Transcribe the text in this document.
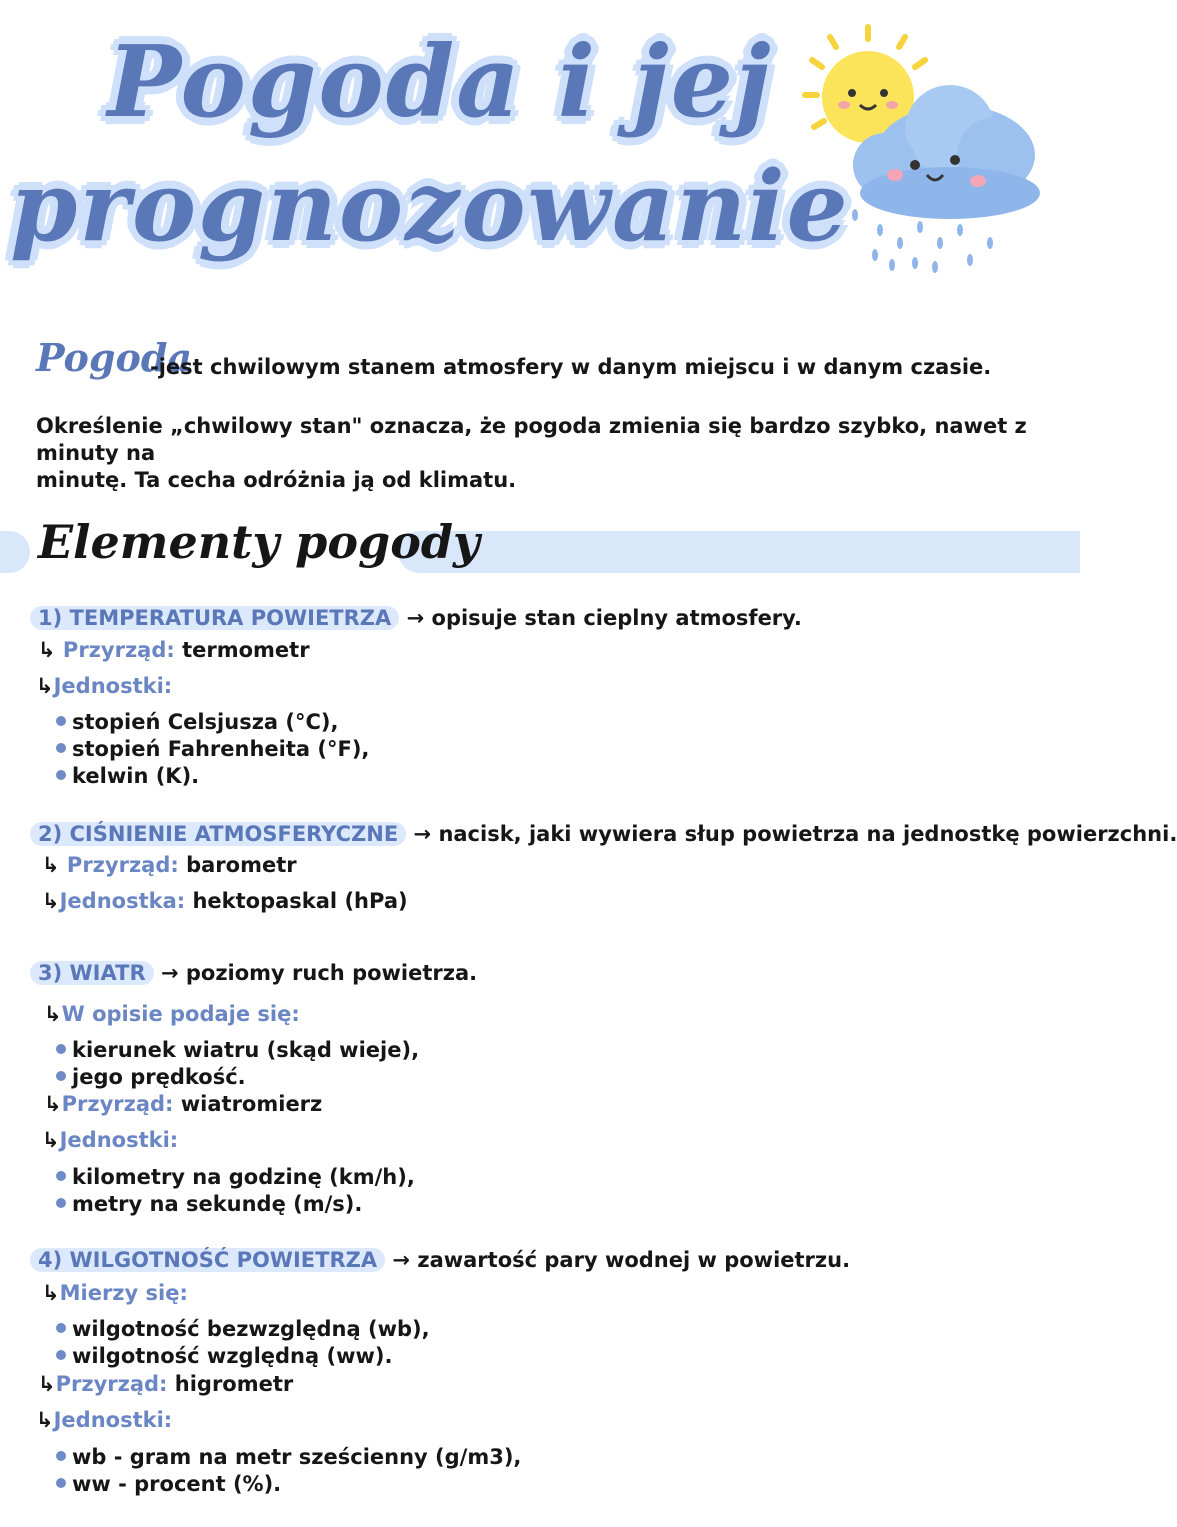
Pogoda i jej
prognozowanie
Pogoda
-jest chwilowym stanem atmosfery w danym miejscu i w danym czasie.
Określenie „chwilowy stan" oznacza, że pogoda zmienia się bardzo szybko, nawet z minuty na
minutę. Ta cecha odróżnia ją od klimatu.
Elementy pogody
1) TEMPERATURA POWIETRZA → opisuje stan cieplny atmosfery.
↳ Przyrząd: termometr
↳Jednostki:
stopień Celsjusza (°C),
stopień Fahrenheita (°F),
kelwin (K).
2) CIŚNIENIE ATMOSFERYCZNE → nacisk, jaki wywiera słup powietrza na jednostkę powierzchni.
↳ Przyrząd: barometr
↳Jednostka: hektopaskal (hPa)
3) WIATR → poziomy ruch powietrza.
↳W opisie podaje się:
kierunek wiatru (skąd wieje),
jego prędkość.
↳Przyrząd: wiatromierz
↳Jednostki:
kilometry na godzinę (km/h),
metry na sekundę (m/s).
4) WILGOTNOŚĆ POWIETRZA → zawartość pary wodnej w powietrzu.
↳Mierzy się:
wilgotność bezwzględną (wb),
wilgotność względną (ww).
↳Przyrząd: higrometr
↳Jednostki:
wb - gram na metr sześcienny (g/m3),
ww - procent (%).
